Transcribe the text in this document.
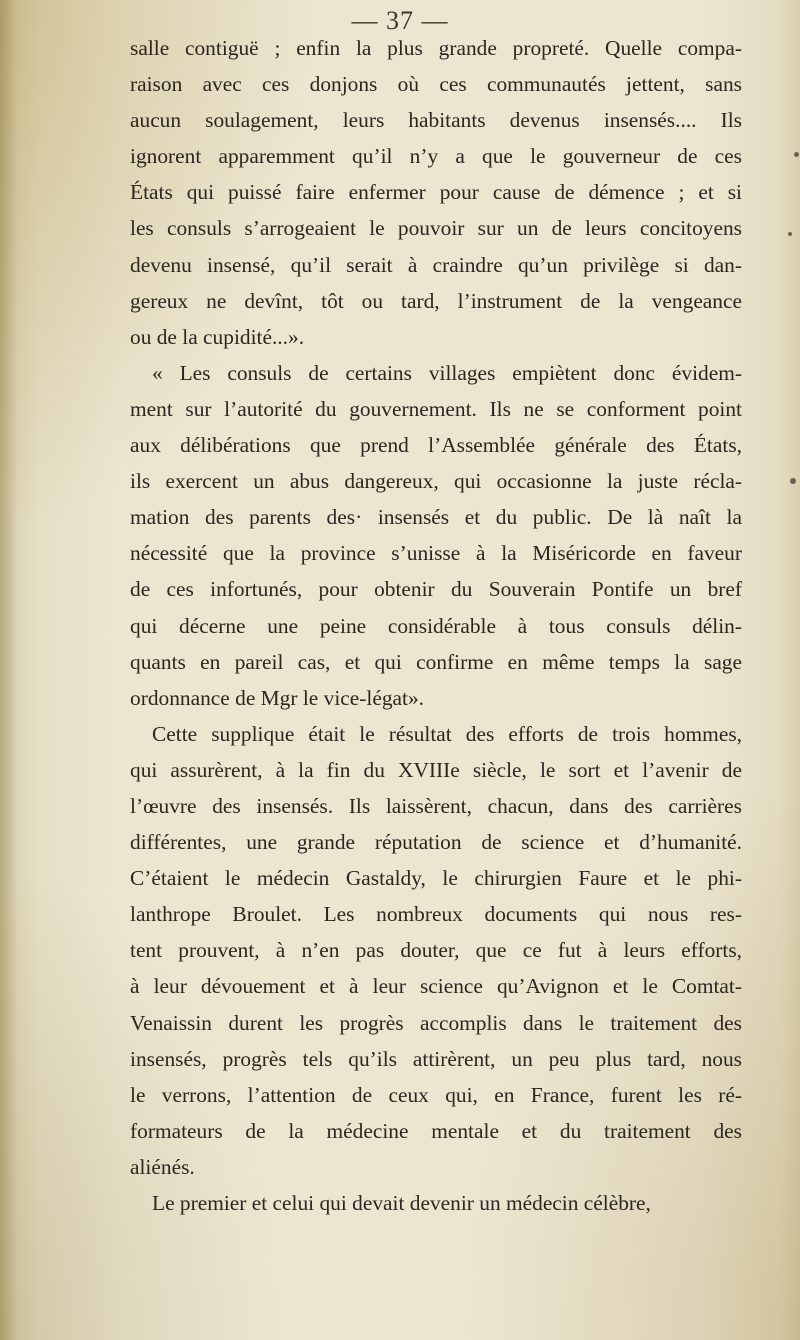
— 37 —
salle contiguë ; enfin la plus grande propreté. Quelle compa-
raison avec ces donjons où ces communautés jettent, sans
aucun soulagement, leurs habitants devenus insensés.... Ils
ignorent apparemment qu’il n’y a que le gouverneur de ces
États qui puissé faire enfermer pour cause de démence ; et si
les consuls s’arrogeaient le pouvoir sur un de leurs concitoyens
devenu insensé, qu’il serait à craindre qu’un privilège si dan-
gereux ne devînt, tôt ou tard, l’instrument de la vengeance
ou de la cupidité...».
« Les consuls de certains villages empiètent donc évidem-
ment sur l’autorité du gouvernement. Ils ne se conforment point
aux délibérations que prend l’Assemblée générale des États,
ils exercent un abus dangereux, qui occasionne la juste récla-
mation des parents des· insensés et du public. De là naît la
nécessité que la province s’unisse à la Miséricorde en faveur
de ces infortunés, pour obtenir du Souverain Pontife un bref
qui décerne une peine considérable à tous consuls délin-
quants en pareil cas, et qui confirme en même temps la sage
ordonnance de Mgr le vice-légat».
Cette supplique était le résultat des efforts de trois hommes,
qui assurèrent, à la fin du XVIIIe siècle, le sort et l’avenir de
l’œuvre des insensés. Ils laissèrent, chacun, dans des carrières
différentes, une grande réputation de science et d’humanité.
C’étaient le médecin Gastaldy, le chirurgien Faure et le phi-
lanthrope Broulet. Les nombreux documents qui nous res-
tent prouvent, à n’en pas douter, que ce fut à leurs efforts,
à leur dévouement et à leur science qu’Avignon et le Comtat-
Venaissin durent les progrès accomplis dans le traitement des
insensés, progrès tels qu’ils attirèrent, un peu plus tard, nous
le verrons, l’attention de ceux qui, en France, furent les ré-
formateurs de la médecine mentale et du traitement des
aliénés.
Le premier et celui qui devait devenir un médecin célèbre,
